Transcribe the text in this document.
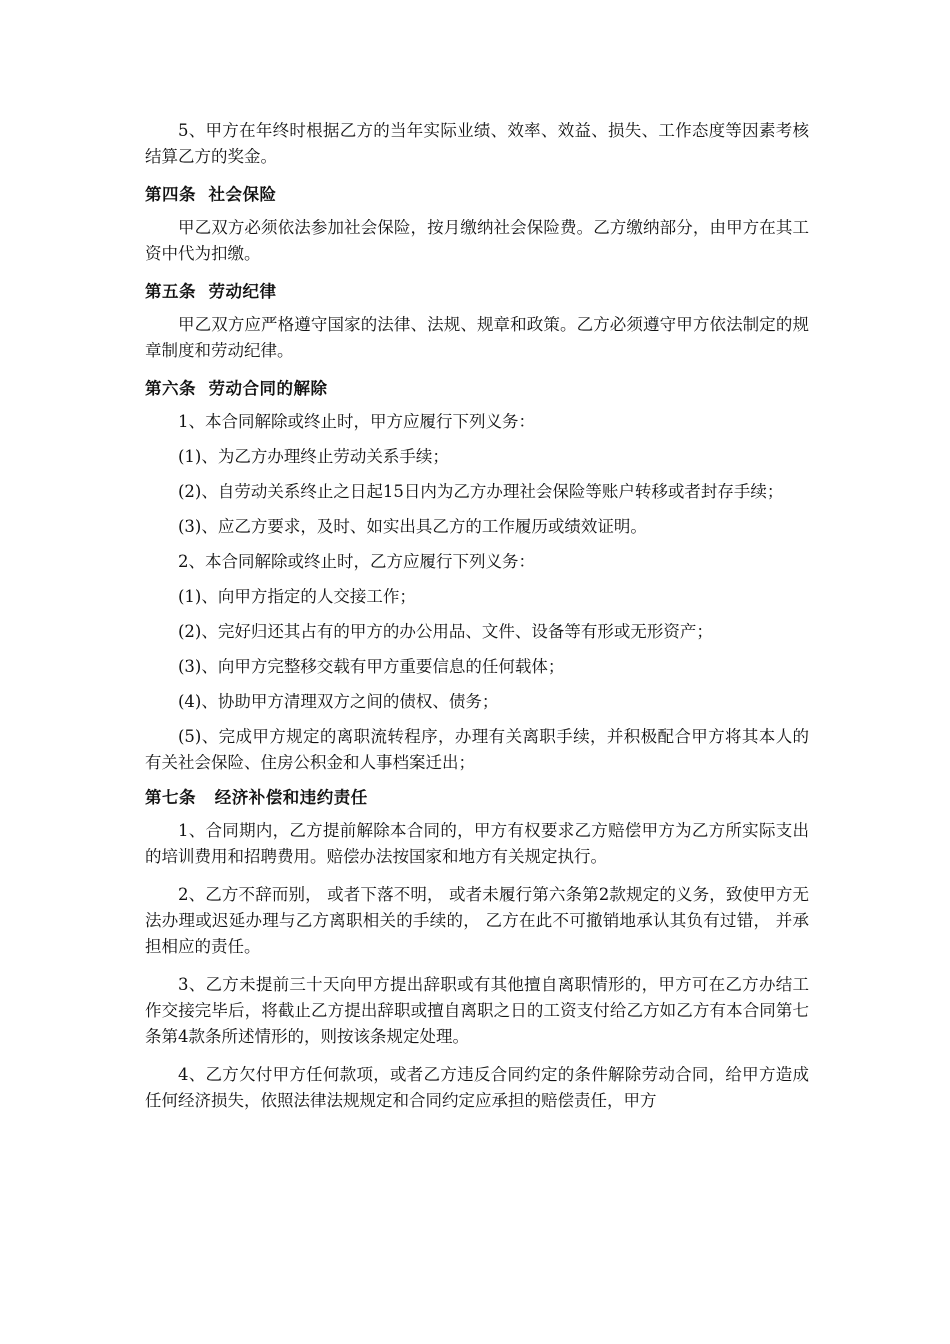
5、甲方在年终时根据乙方的当年实际业绩、效率、效益、损失、工作态度等因素考核结算乙方的奖金。

第四条  社会保险

甲乙双方必须依法参加社会保险，按月缴纳社会保险费。乙方缴纳部分，由甲方在其工资中代为扣缴。

第五条  劳动纪律

甲乙双方应严格遵守国家的法律、法规、规章和政策。乙方必须遵守甲方依法制定的规章制度和劳动纪律。

第六条  劳动合同的解除

1、本合同解除或终止时，甲方应履行下列义务：

(1)、为乙方办理终止劳动关系手续；

(2)、自劳动关系终止之日起15日内为乙方办理社会保险等账户转移或者封存手续；

(3)、应乙方要求，及时、如实出具乙方的工作履历或绩效证明。

2、本合同解除或终止时，乙方应履行下列义务：

(1)、向甲方指定的人交接工作；

(2)、完好归还其占有的甲方的办公用品、文件、设备等有形或无形资产；

(3)、向甲方完整移交载有甲方重要信息的任何载体；

(4)、协助甲方清理双方之间的债权、债务；

(5)、完成甲方规定的离职流转程序，办理有关离职手续，并积极配合甲方将其本人的有关社会保险、住房公积金和人事档案迁出；

第七条   经济补偿和违约责任

1、合同期内，乙方提前解除本合同的，甲方有权要求乙方赔偿甲方为乙方所实际支出的培训费用和招聘费用。赔偿办法按国家和地方有关规定执行。

2、乙方不辞而别， 或者下落不明， 或者未履行第六条第2款规定的义务，致使甲方无法办理或迟延办理与乙方离职相关的手续的， 乙方在此不可撤销地承认其负有过错， 并承担相应的责任。

3、乙方未提前三十天向甲方提出辞职或有其他擅自离职情形的，甲方可在乙方办结工作交接完毕后，将截止乙方提出辞职或擅自离职之日的工资支付给乙方如乙方有本合同第七条第4款条所述情形的，则按该条规定处理。

4、乙方欠付甲方任何款项，或者乙方违反合同约定的条件解除劳动合同，给甲方造成任何经济损失，依照法律法规规定和合同约定应承担的赔偿责任，甲方
